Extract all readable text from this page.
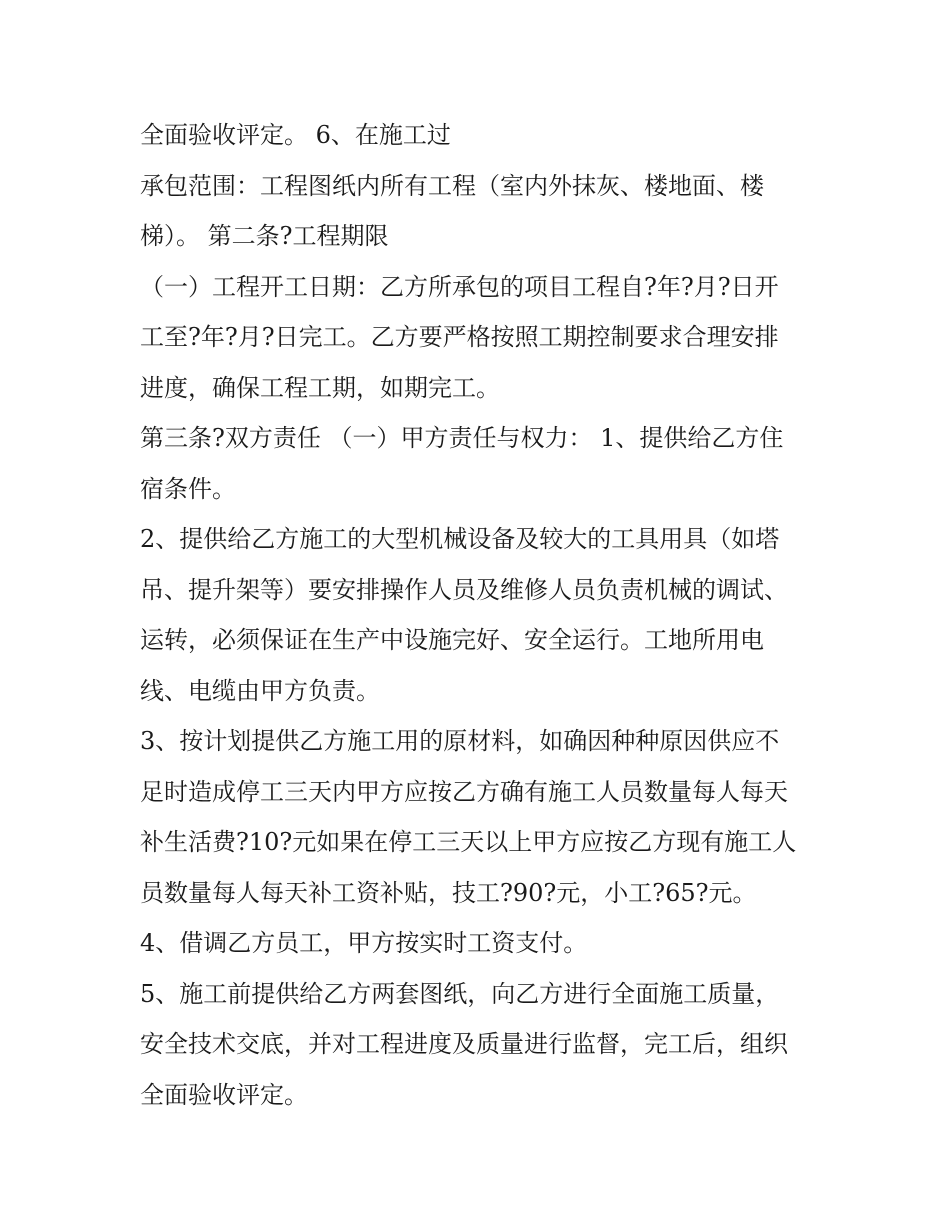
全面验收评定。 6、在施工过
承包范围：工程图纸内所有工程（室内外抹灰、楼地面、楼
梯）。 第二条?工程期限
（一）工程开工日期：乙方所承包的项目工程自?年?月?日开
工至?年?月?日完工。乙方要严格按照工期控制要求合理安排
进度，确保工程工期，如期完工。
第三条?双方责任 （一）甲方责任与权力： 1、提供给乙方住
宿条件。
2、提供给乙方施工的大型机械设备及较大的工具用具（如塔
吊、提升架等）要安排操作人员及维修人员负责机械的调试、
运转，必须保证在生产中设施完好、安全运行。工地所用电
线、电缆由甲方负责。
3、按计划提供乙方施工用的原材料，如确因种种原因供应不
足时造成停工三天内甲方应按乙方确有施工人员数量每人每天
补生活费?10?元如果在停工三天以上甲方应按乙方现有施工人
员数量每人每天补工资补贴，技工?90?元，小工?65?元。
4、借调乙方员工，甲方按实时工资支付。
5、施工前提供给乙方两套图纸，向乙方进行全面施工质量，
安全技术交底，并对工程进度及质量进行监督，完工后，组织
全面验收评定。
